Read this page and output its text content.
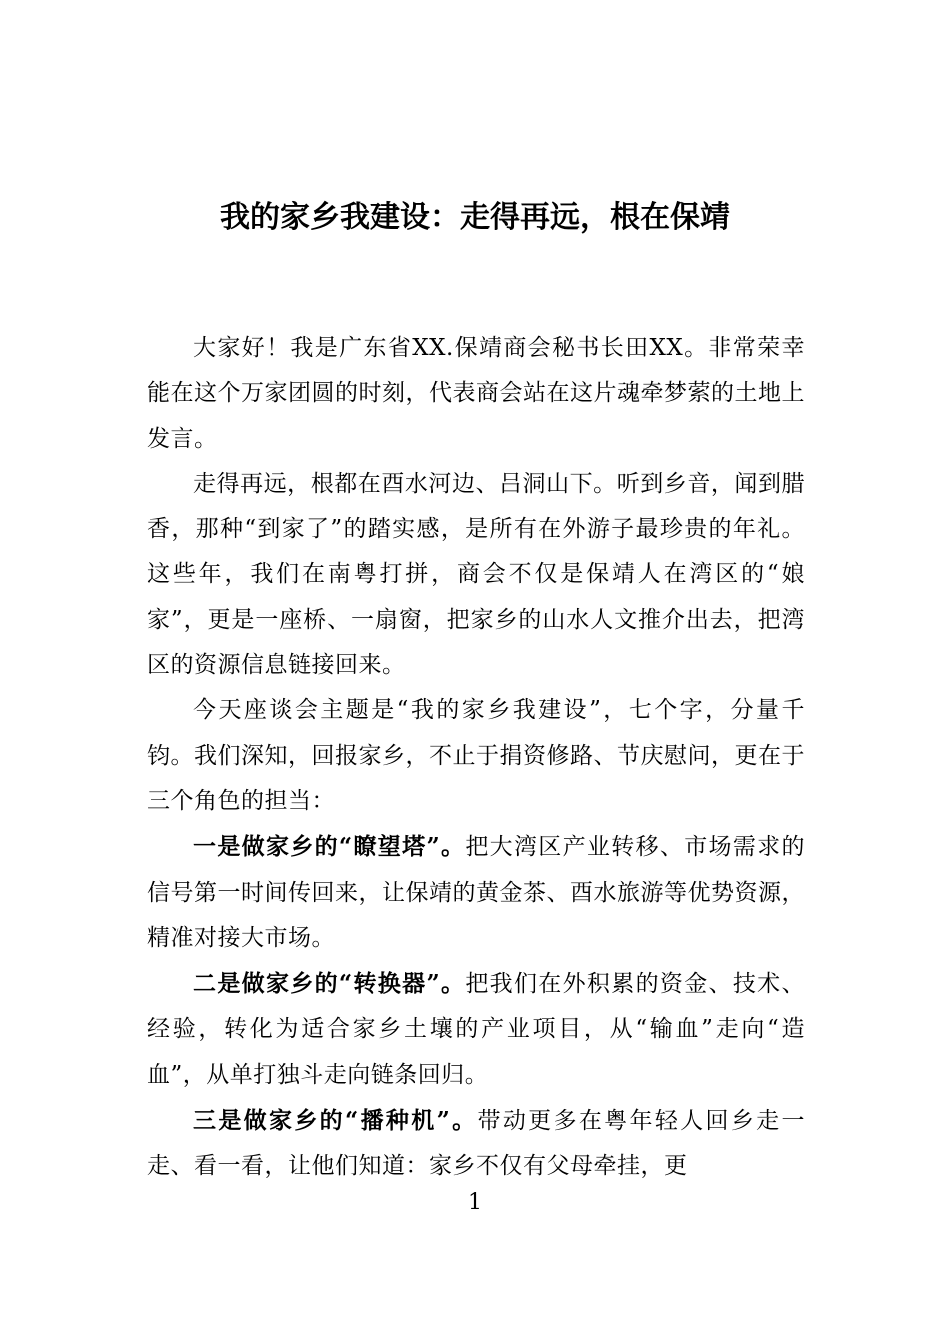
我的家乡我建设：走得再远，根在保靖

大家好！我是广东省XX.保靖商会秘书长田XX。非常荣幸能在这个万家团圆的时刻，代表商会站在这片魂牵梦萦的土地上发言。

走得再远，根都在酉水河边、吕洞山下。听到乡音，闻到腊香，那种“到家了”的踏实感，是所有在外游子最珍贵的年礼。这些年，我们在南粤打拼，商会不仅是保靖人在湾区的“娘家”，更是一座桥、一扇窗，把家乡的山水人文推介出去，把湾区的资源信息链接回来。

今天座谈会主题是“我的家乡我建设”，七个字，分量千钧。我们深知，回报家乡，不止于捐资修路、节庆慰问，更在于三个角色的担当：

一是做家乡的“瞭望塔”。把大湾区产业转移、市场需求的信号第一时间传回来，让保靖的黄金茶、酉水旅游等优势资源，精准对接大市场。

二是做家乡的“转换器”。把我们在外积累的资金、技术、经验，转化为适合家乡土壤的产业项目，从“输血”走向“造血”，从单打独斗走向链条回归。

三是做家乡的“播种机”。带动更多在粤年轻人回乡走一走、看一看，让他们知道：家乡不仅有父母牵挂，更

1
